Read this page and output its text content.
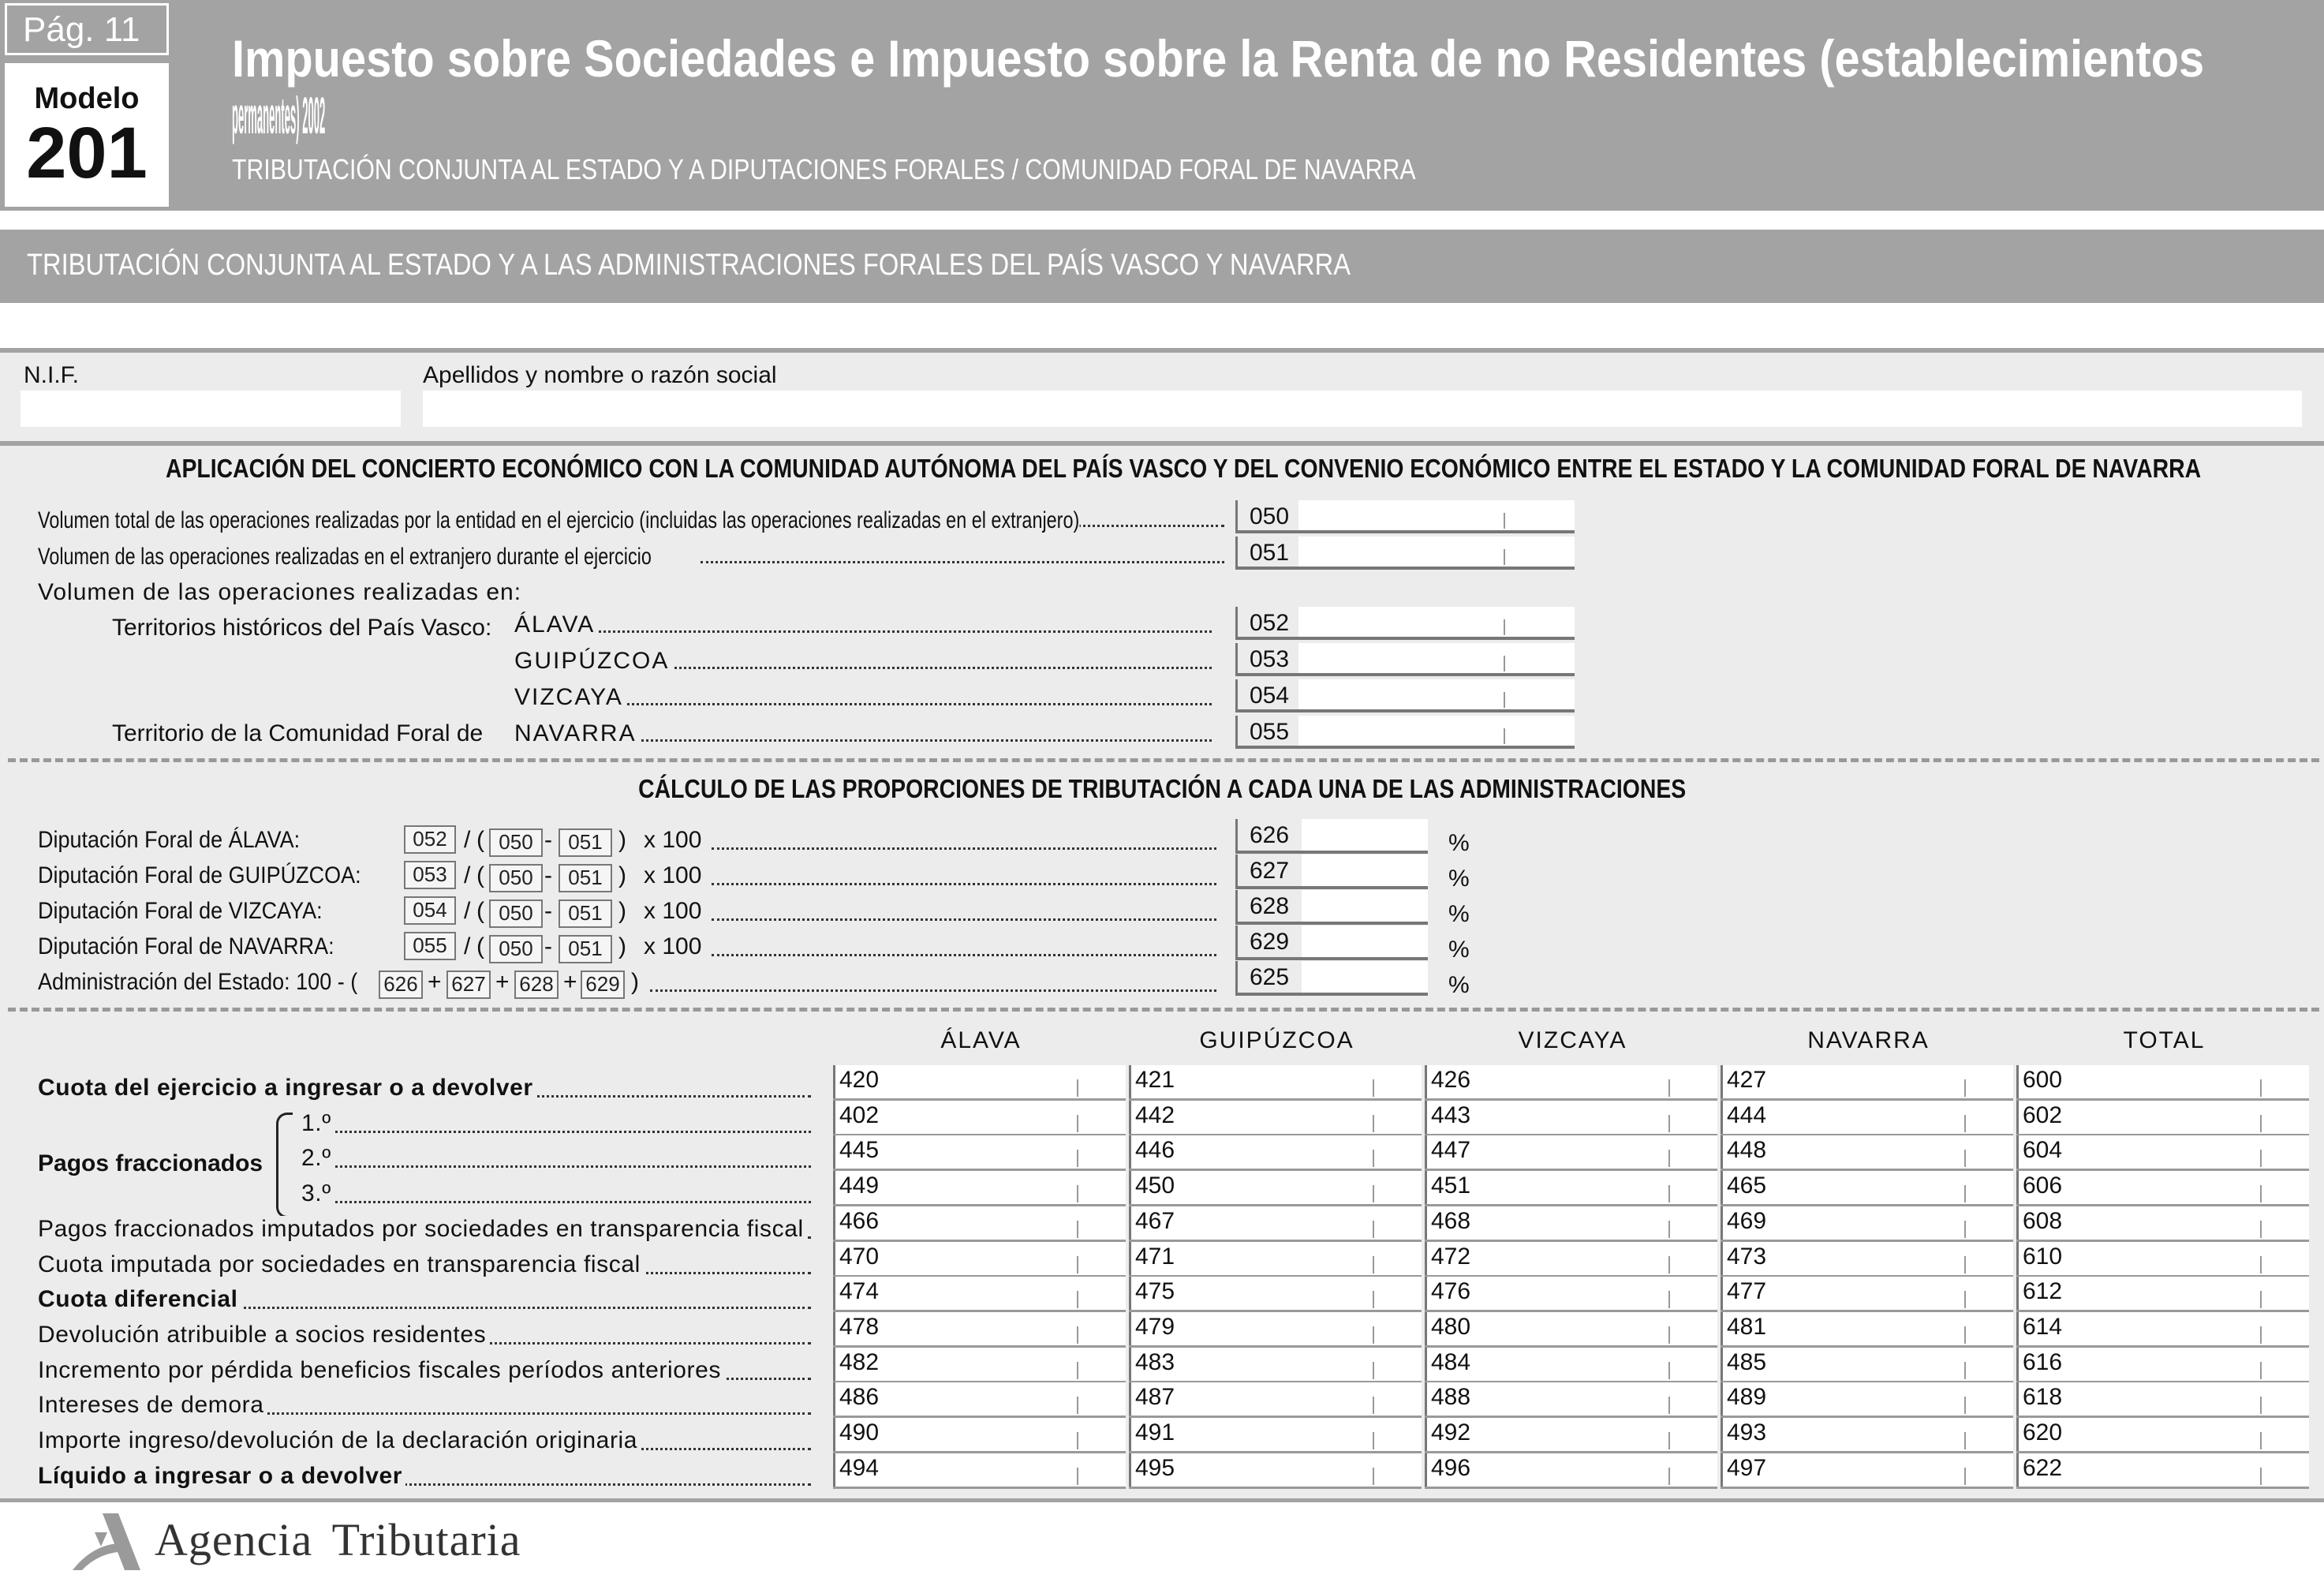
Pág. 11
Modelo
201
Impuesto sobre Sociedades e Impuesto sobre la Renta de no Residentes (establecimientos
permanentes) 2002
TRIBUTACIÓN CONJUNTA AL ESTADO Y A DIPUTACIONES FORALES / COMUNIDAD FORAL DE NAVARRA
TRIBUTACIÓN CONJUNTA AL ESTADO Y A LAS ADMINISTRACIONES FORALES DEL PAÍS VASCO Y NAVARRA
N.I.F.	Apellidos y nombre o razón social
APLICACIÓN DEL CONCIERTO ECONÓMICO CON LA COMUNIDAD AUTÓNOMA DEL PAÍS VASCO Y DEL CONVENIO ECONÓMICO ENTRE EL ESTADO Y LA COMUNIDAD FORAL DE NAVARRA
Volumen total de las operaciones realizadas por la entidad en el ejercicio (incluidas las operaciones realizadas en el extranjero)	050
Volumen de las operaciones realizadas en el extranjero durante el ejercicio	051
Volumen de las operaciones realizadas en:
Territorios históricos del País Vasco:
Territorio de la Comunidad Foral de
CÁLCULO DE LAS PROPORCIONES DE TRIBUTACIÓN A CADA UNA DE LAS ADMINISTRACIONES
Pagos fraccionados
Agencia Tributaria
ÁLAVA	052
GUIPÚZCOA	053
VIZCAYA	054
NAVARRA	055
Diputación Foral de ÁLAVA:	052 / ( 050 - 051 ) x 100	626	%
Diputación Foral de GUIPÚZCOA:	053 / ( 050 - 051 ) x 100	627	%
Diputación Foral de VIZCAYA:	054 / ( 050 - 051 ) x 100	628	%
Diputación Foral de NAVARRA:	055 / ( 050 - 051 ) x 100	629	%
Administración del Estado: 100 - ( 626 + 627 + 628 + 629 )	625	%
ÁLAVA	GUIPÚZCOA	VIZCAYA	NAVARRA	TOTAL
Cuota del ejercicio a ingresar o a devolver	420	421	426	427	600
1.º	402	442	443	444	602
2.º	445	446	447	448	604
3.º	449	450	451	465	606
Pagos fraccionados imputados por sociedades en transparencia fiscal	466	467	468	469	608
Cuota imputada por sociedades en transparencia fiscal	470	471	472	473	610
Cuota diferencial	474	475	476	477	612
Devolución atribuible a socios residentes	478	479	480	481	614
Incremento por pérdida beneficios fiscales períodos anteriores	482	483	484	485	616
Intereses de demora	486	487	488	489	618
Importe ingreso/devolución de la declaración originaria	490	491	492	493	620
Líquido a ingresar o a devolver	494	495	496	497	622
